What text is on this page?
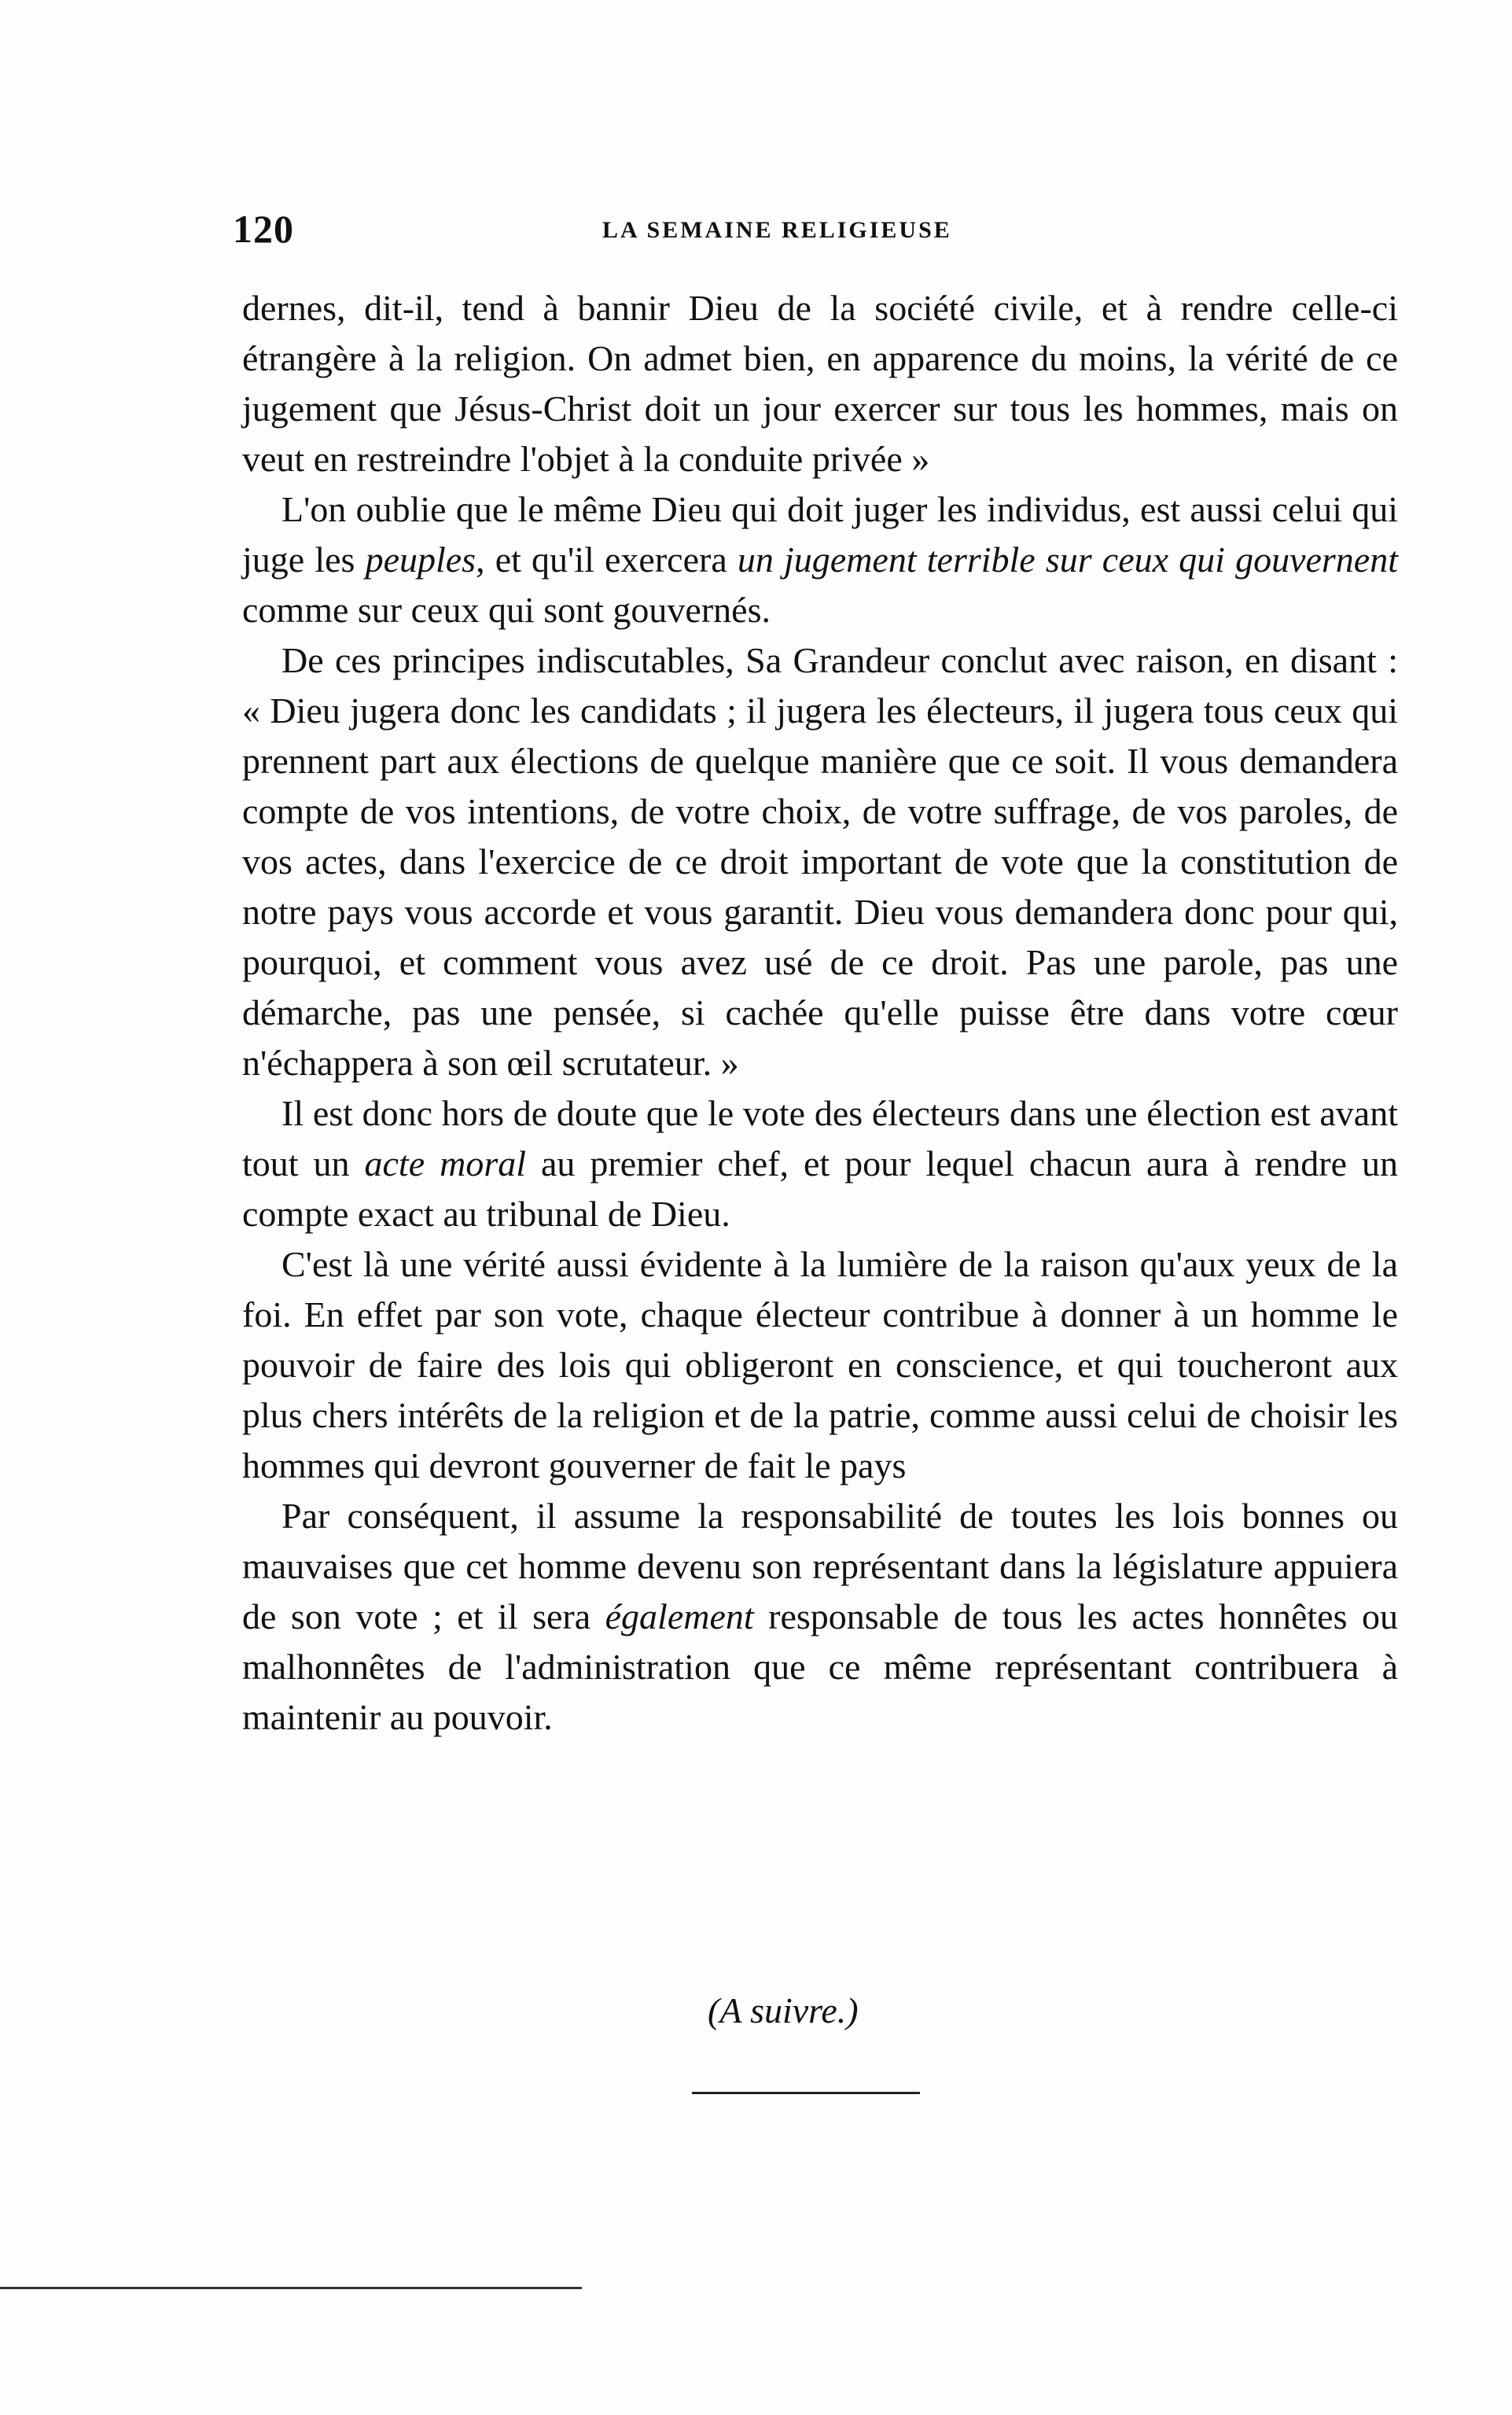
120	LA SEMAINE RELIGIEUSE

dernes, dit-il, tend à bannir Dieu de la société civile, et à rendre celle-ci étrangère à la religion. On admet bien, en apparence du moins, la vérité de ce jugement que Jésus-Christ doit un jour exercer sur tous les hommes, mais on veut en restreindre l'objet à la conduite privée »

L'on oublie que le même Dieu qui doit juger les individus, est aussi celui qui juge les peuples, et qu'il exercera un jugement terrible sur ceux qui gouvernent comme sur ceux qui sont gouvernés.

De ces principes indiscutables, Sa Grandeur conclut avec raison, en disant : « Dieu jugera donc les candidats ; il jugera les électeurs, il jugera tous ceux qui prennent part aux élections de quelque manière que ce soit. Il vous demandera compte de vos intentions, de votre choix, de votre suffrage, de vos paroles, de vos actes, dans l'exercice de ce droit important de vote que la constitution de notre pays vous accorde et vous garantit. Dieu vous demandera donc pour qui, pourquoi, et comment vous avez usé de ce droit. Pas une parole, pas une démarche, pas une pensée, si cachée qu'elle puisse être dans votre cœur n'échappera à son œil scrutateur. »

Il est donc hors de doute que le vote des électeurs dans une élection est avant tout un acte moral au premier chef, et pour lequel chacun aura à rendre un compte exact au tribunal de Dieu.

C'est là une vérité aussi évidente à la lumière de la raison qu'aux yeux de la foi. En effet par son vote, chaque électeur contribue à donner à un homme le pouvoir de faire des lois qui obligeront en conscience, et qui toucheront aux plus chers intérêts de la religion et de la patrie, comme aussi celui de choisir les hommes qui devront gouverner de fait le pays

Par conséquent, il assume la responsabilité de toutes les lois bonnes ou mauvaises que cet homme devenu son représentant dans la législature appuiera de son vote ; et il sera également responsable de tous les actes honnêtes ou malhonnêtes de l'administration que ce même représentant contribuera à maintenir au pouvoir.

(A suivre.)
